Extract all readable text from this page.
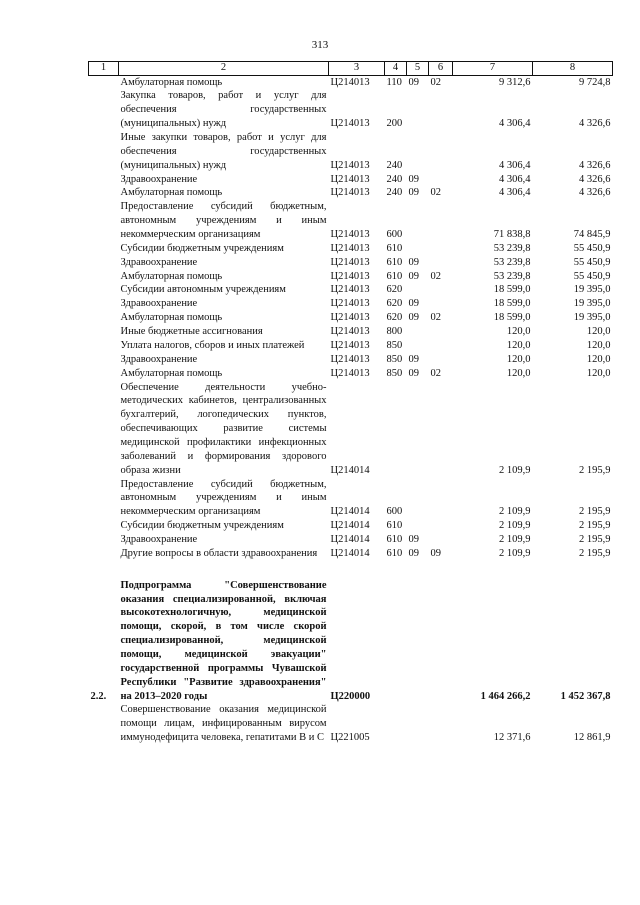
313
1	2	3	4	5	6	7	8
	Амбулаторная помощь	Ц214013	110	09	02	9 312,6	9 724,8
	Закупка товаров, работ и услуг для обеспечения государственных (муниципальных) нужд	Ц214013	200			4 306,4	4 326,6
	Иные закупки товаров, работ и услуг для обеспечения государственных (муниципальных) нужд	Ц214013	240			4 306,4	4 326,6
	Здравоохранение	Ц214013	240	09		4 306,4	4 326,6
	Амбулаторная помощь	Ц214013	240	09	02	4 306,4	4 326,6
	Предоставление субсидий бюджетным, автономным учреждениям и иным некоммерческим организациям	Ц214013	600			71 838,8	74 845,9
	Субсидии бюджетным учреждениям	Ц214013	610			53 239,8	55 450,9
	Здравоохранение	Ц214013	610	09		53 239,8	55 450,9
	Амбулаторная помощь	Ц214013	610	09	02	53 239,8	55 450,9
	Субсидии автономным учреждениям	Ц214013	620			18 599,0	19 395,0
	Здравоохранение	Ц214013	620	09		18 599,0	19 395,0
	Амбулаторная помощь	Ц214013	620	09	02	18 599,0	19 395,0
	Иные бюджетные ассигнования	Ц214013	800			120,0	120,0
	Уплата налогов, сборов и иных платежей	Ц214013	850			120,0	120,0
	Здравоохранение	Ц214013	850	09		120,0	120,0
	Амбулаторная помощь	Ц214013	850	09	02	120,0	120,0
	Обеспечение деятельности учебно-методических кабинетов, централизованных бухгалтерий, логопедических пунктов, обеспечивающих развитие системы медицинской профилактики инфекционных заболеваний и формирования здорового образа жизни	Ц214014				2 109,9	2 195,9
	Предоставление субсидий бюджетным, автономным учреждениям и иным некоммерческим организациям	Ц214014	600			2 109,9	2 195,9
	Субсидии бюджетным учреждениям	Ц214014	610			2 109,9	2 195,9
	Здравоохранение	Ц214014	610	09		2 109,9	2 195,9
	Другие вопросы в области здравоохранения	Ц214014	610	09	09	2 109,9	2 195,9

2.2.	Подпрограмма "Совершенствование оказания специализированной, включая высокотехнологичную, медицинской помощи, скорой, в том числе скорой специализированной, медицинской помощи, медицинской эвакуации" государственной программы Чувашской Республики "Развитие здравоохранения" на 2013–2020 годы	Ц220000				1 464 266,2	1 452 367,8
	Совершенствование оказания медицинской помощи лицам, инфицированным вирусом иммунодефицита человека, гепатитами B и C	Ц221005				12 371,6	12 861,9
